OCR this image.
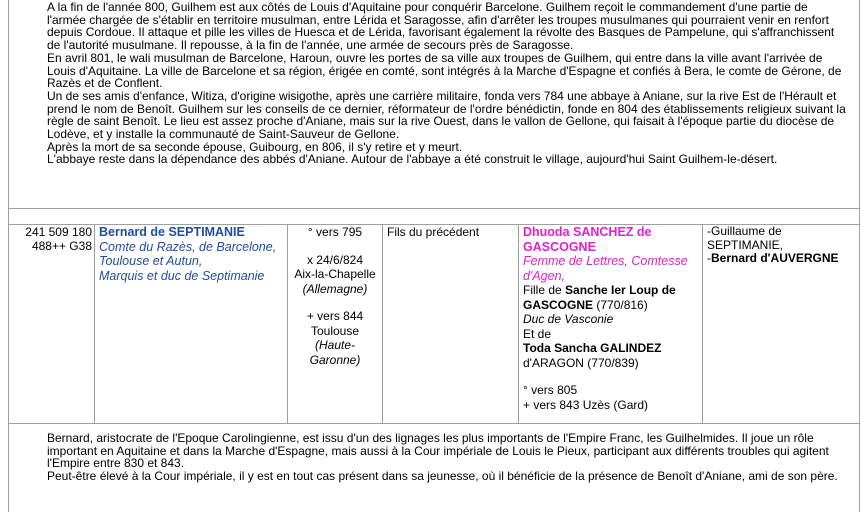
A la fin de l'année 800, Guilhem est aux côtés de Louis d'Aquitaine pour conquérir Barcelone. Guilhem reçoit le commandement d'une partie de l'armée chargée de s'établir en territoire musulman, entre Lérida et Saragosse, afin d'arrêter les troupes musulmanes qui pourraient venir en renfort depuis Cordoue. Il attaque et pille les villes de Huesca et de Lérida, favorisant également la révolte des Basques de Pampelune, qui s'affranchissent de l'autorité musulmane. Il repousse, à la fin de l'année, une armée de secours près de Saragosse.

En avril 801, le wali musulman de Barcelone, Haroun, ouvre les portes de sa ville aux troupes de Guilhem, qui entre dans la ville avant l'arrivée de Louis d'Aquitaine. La ville de Barcelone et sa région, érigée en comté, sont intégrés à la Marche d'Espagne et confiés à Bera, le comte de Gérone, de Razès et de Conflent.

Un de ses amis d'enfance, Witiza, d'origine wisigothe, après une carrière militaire, fonda vers 784 une abbaye à Aniane, sur la rive Est de l'Hérault et prend le nom de Benoît. Guilhem sur les conseils de ce dernier, réformateur de l'ordre bénédictin, fonde en 804 des établissements religieux suivant la règle de saint Benoît. Le lieu est assez proche d'Aniane, mais sur la rive Ouest, dans le vallon de Gellone, qui faisait à l'époque partie du diocèse de Lodève, et y installe la communauté de Saint-Sauveur de Gellone.

Après la mort de sa seconde épouse, Guibourg, en 806, il s'y retire et y meurt.

L'abbaye reste dans la dépendance des abbés d'Aniane. Autour de l'abbaye a été construit le village, aujourd'hui Saint Guilhem-le-désert.

241 509 180
488++ G38
Bernard de SEPTIMANIE
Comte du Razès, de Barcelone, Toulouse et Autun,
Marquis et duc de Septimanie
° vers 795
x 24/6/824
Aix-la-Chapelle
(Allemagne)
+ vers 844
Toulouse
(Haute-Garonne)
Fils du précédent	Dhuoda SANCHEZ de GASCOGNE
Femme de Lettres, Comtesse d'Agen,
Fille de Sanche Ier Loup de GASCOGNE (770/816)
Duc de Vasconie
Et de
Toda Sancha GALINDEZ
d'ARAGON (770/839)
° vers 805
+ vers 843 Uzès (Gard)
-Guillaume de SEPTIMANIE,
-Bernard d'AUVERGNE

Bernard, aristocrate de l'Epoque Carolingienne, est issu d'un des lignages les plus importants de l'Empire Franc, les Guilhelmides. Il joue un rôle important en Aquitaine et dans la Marche d'Espagne, mais aussi à la Cour impériale de Louis le Pieux, participant aux différents troubles qui agitent l'Empire entre 830 et 843.

Peut-être élevé à la Cour impériale, il y est en tout cas présent dans sa jeunesse, où il bénéficie de la présence de Benoît d'Aniane, ami de son père.
